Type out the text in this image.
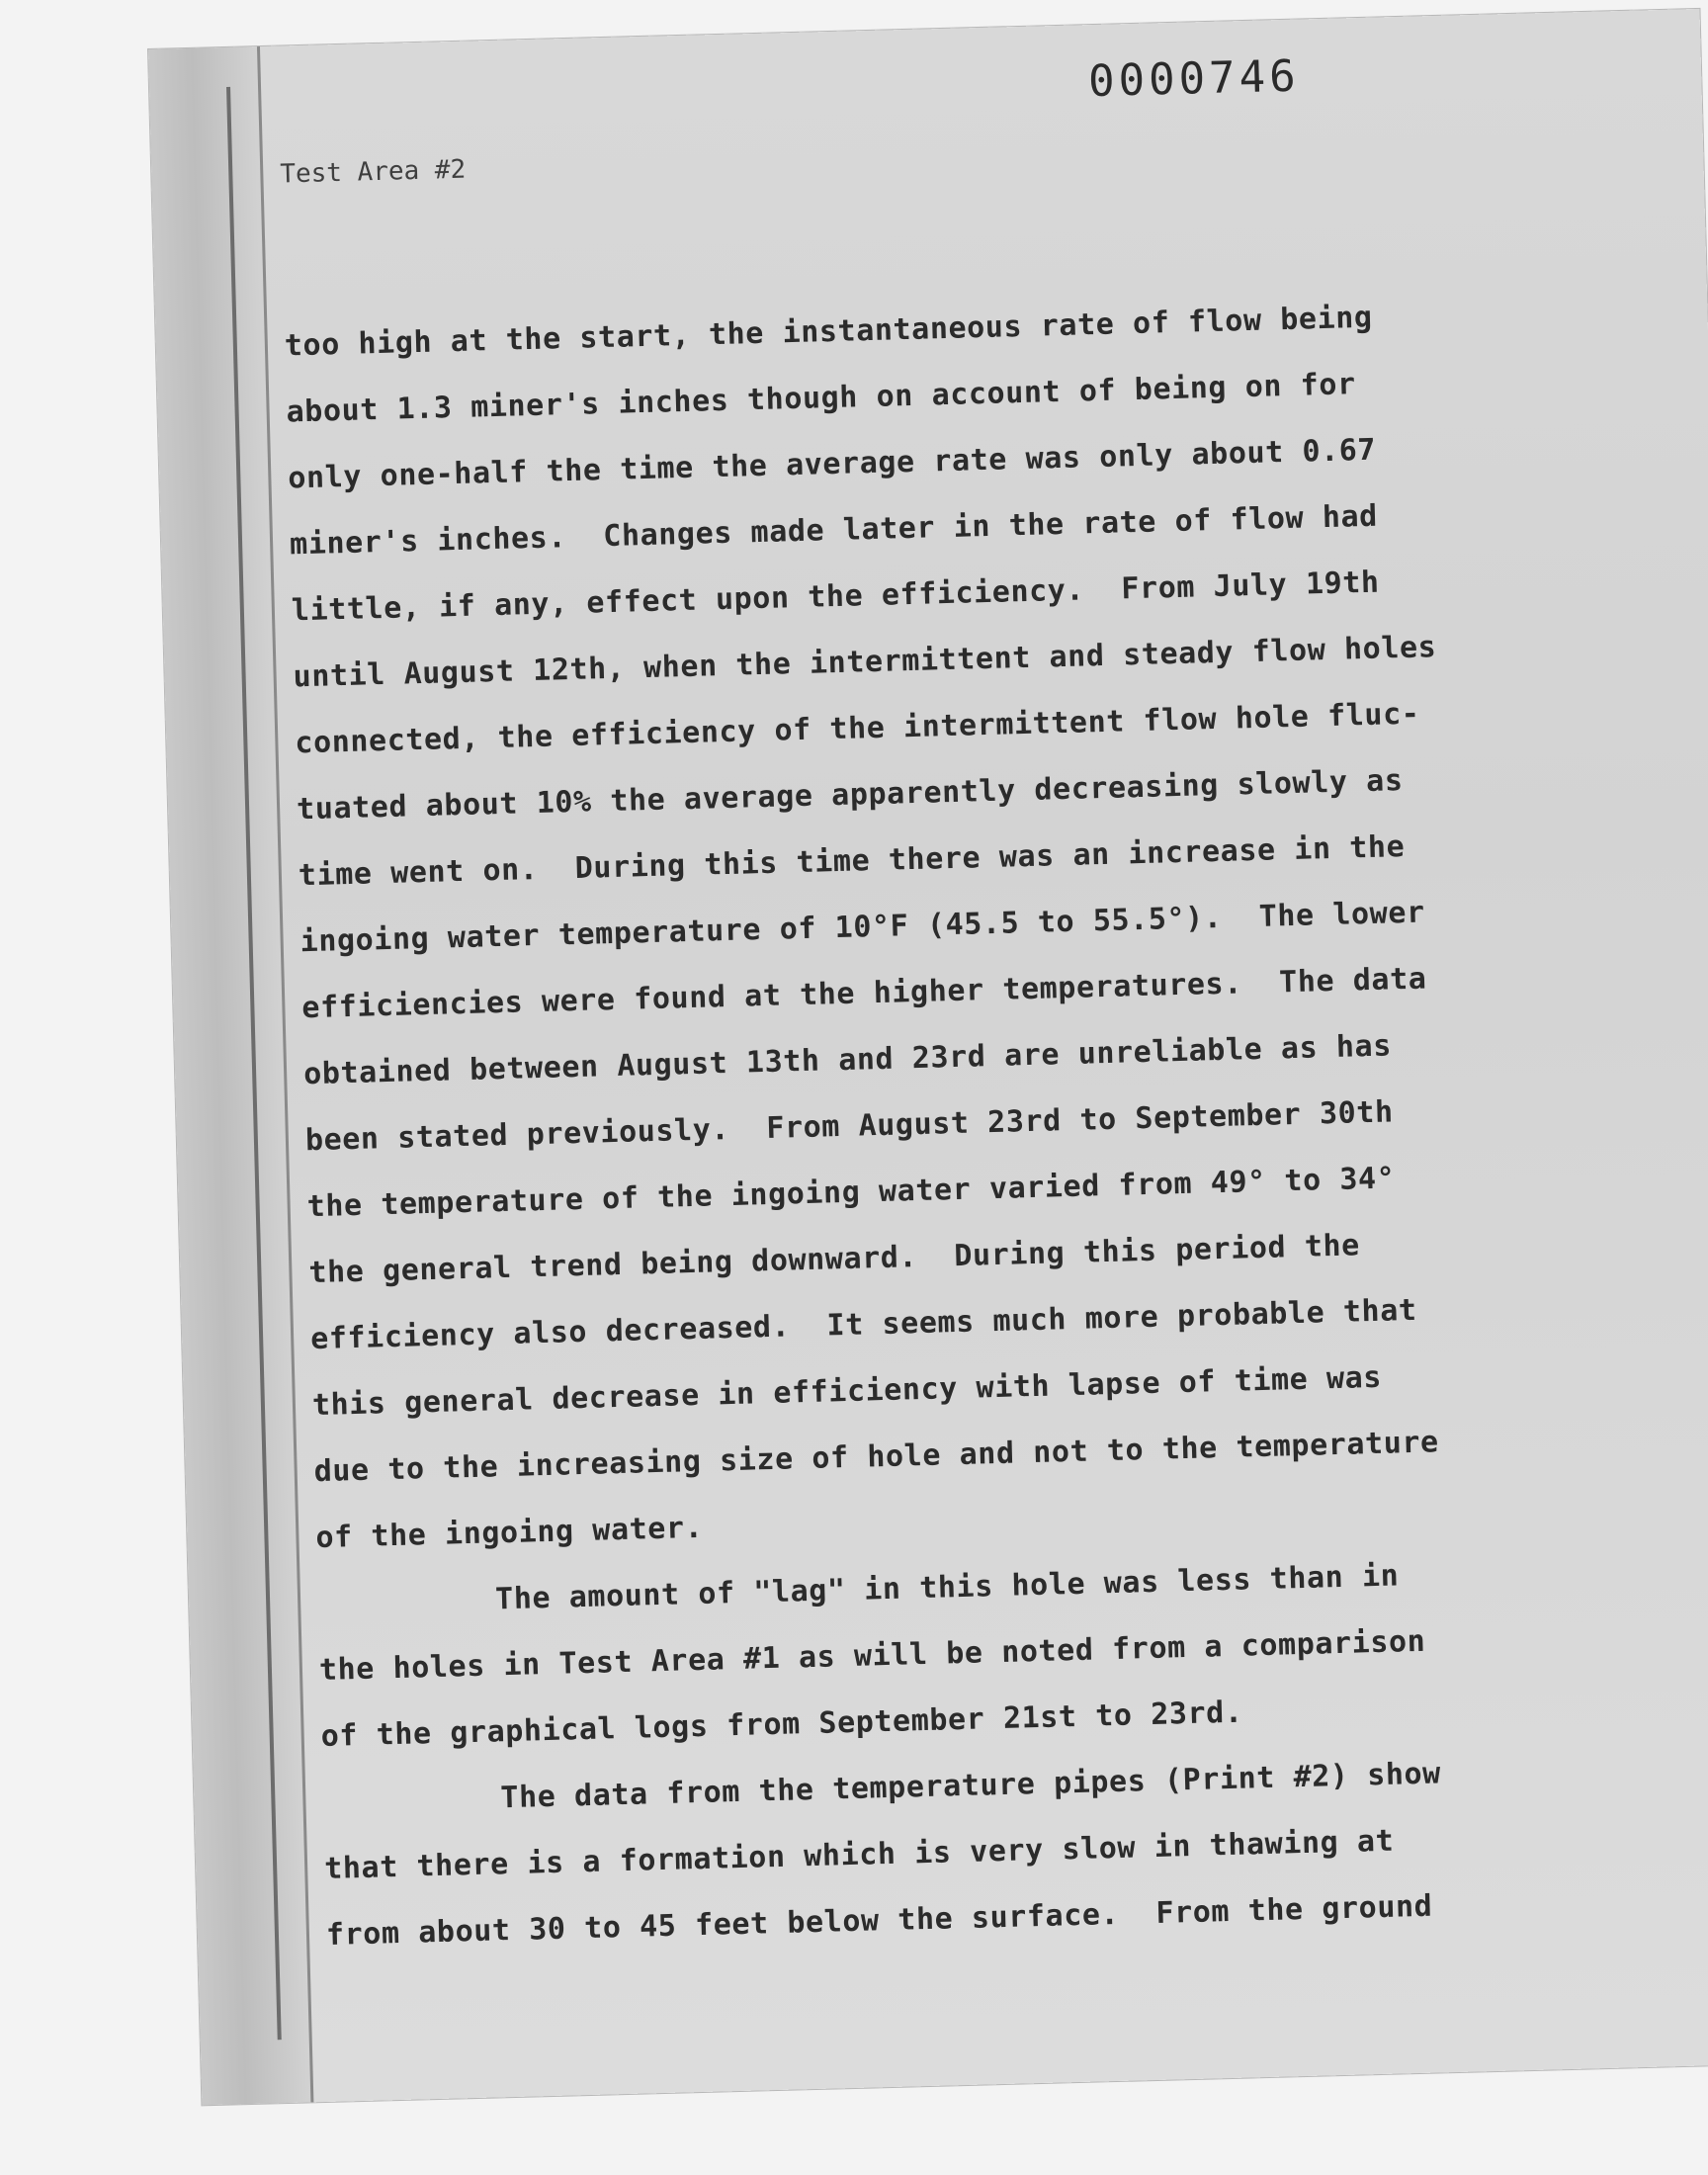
0000746
Test Area #2
too high at the start, the instantaneous rate of flow being
about 1.3 miner's inches though on account of being on for
only one-half the time the average rate was only about 0.67
miner's inches.  Changes made later in the rate of flow had
little, if any, effect upon the efficiency.  From July 19th
until August 12th, when the intermittent and steady flow holes
connected, the efficiency of the intermittent flow hole fluc-
tuated about 10% the average apparently decreasing slowly as
time went on.  During this time there was an increase in the
ingoing water temperature of 10°F (45.5 to 55.5°).  The lower
efficiencies were found at the higher temperatures.  The data
obtained between August 13th and 23rd are unreliable as has
been stated previously.  From August 23rd to September 30th
the temperature of the ingoing water varied from 49° to 34°
the general trend being downward.  During this period the
efficiency also decreased.  It seems much more probable that
this general decrease in efficiency with lapse of time was
due to the increasing size of hole and not to the temperature
of the ingoing water.
The amount of "lag" in this hole was less than in
the holes in Test Area #1 as will be noted from a comparison
of the graphical logs from September 21st to 23rd.
The data from the temperature pipes (Print #2) show
that there is a formation which is very slow in thawing at
from about 30 to 45 feet below the surface.  From the ground
